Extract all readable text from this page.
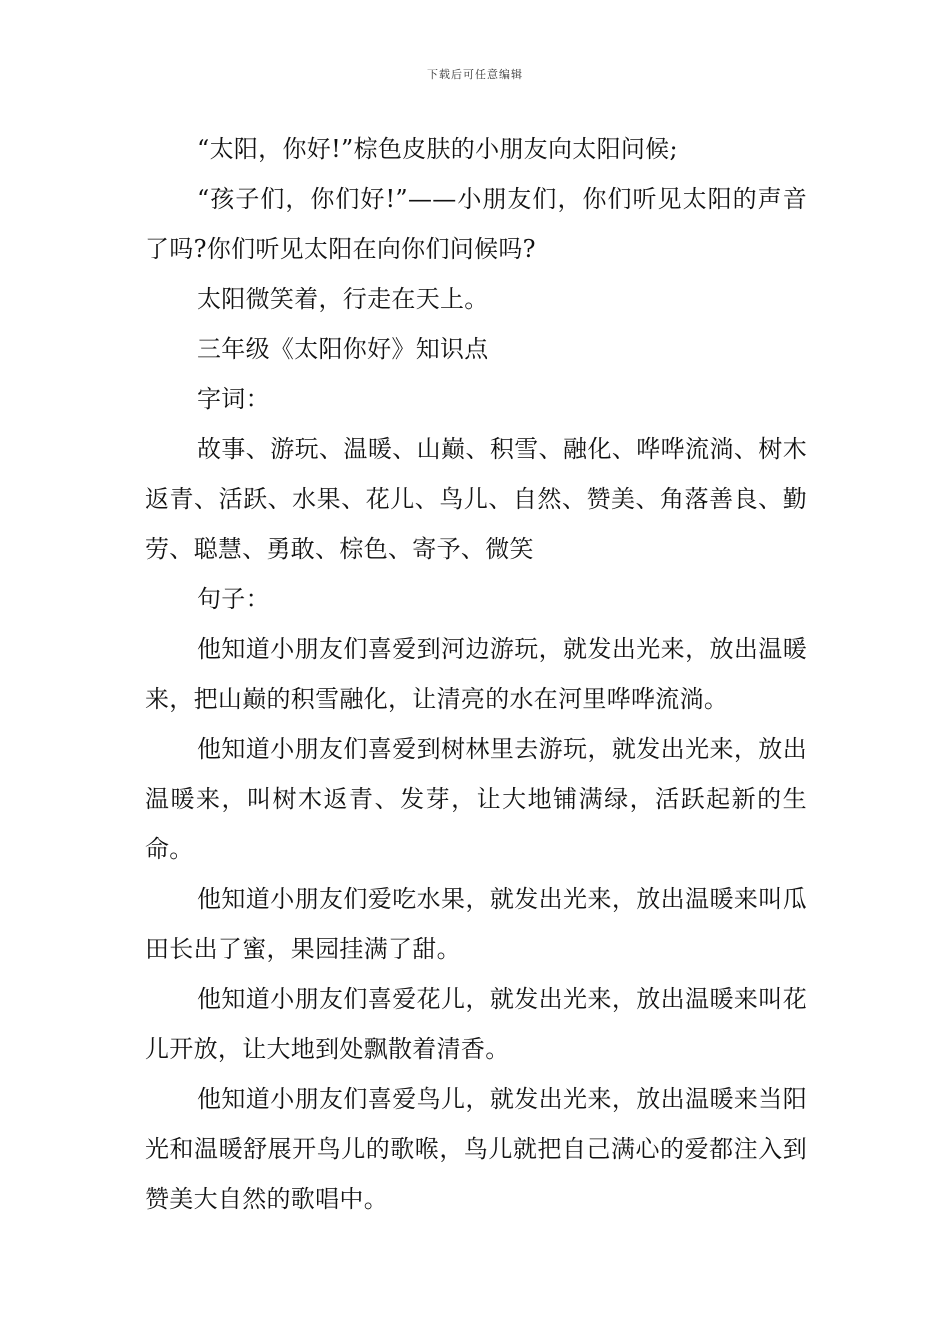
下载后可任意编辑

“太阳，你好!”棕色皮肤的小朋友向太阳问候;

“孩子们，你们好!”——小朋友们，你们听见太阳的声音了吗?你们听见太阳在向你们问候吗?

太阳微笑着，行走在天上。

三年级《太阳你好》知识点

字词：

故事、游玩、温暖、山巅、积雪、融化、哗哗流淌、树木返青、活跃、水果、花儿、鸟儿、自然、赞美、角落善良、勤劳、聪慧、勇敢、棕色、寄予、微笑

句子：

他知道小朋友们喜爱到河边游玩，就发出光来，放出温暖来，把山巅的积雪融化，让清亮的水在河里哗哗流淌。

他知道小朋友们喜爱到树林里去游玩，就发出光来，放出温暖来，叫树木返青、发芽，让大地铺满绿，活跃起新的生命。

他知道小朋友们爱吃水果，就发出光来，放出温暖来叫瓜田长出了蜜，果园挂满了甜。

他知道小朋友们喜爱花儿，就发出光来，放出温暖来叫花儿开放，让大地到处飘散着清香。

他知道小朋友们喜爱鸟儿，就发出光来，放出温暖来当阳光和温暖舒展开鸟儿的歌喉，鸟儿就把自己满心的爱都注入到赞美大自然的歌唱中。
